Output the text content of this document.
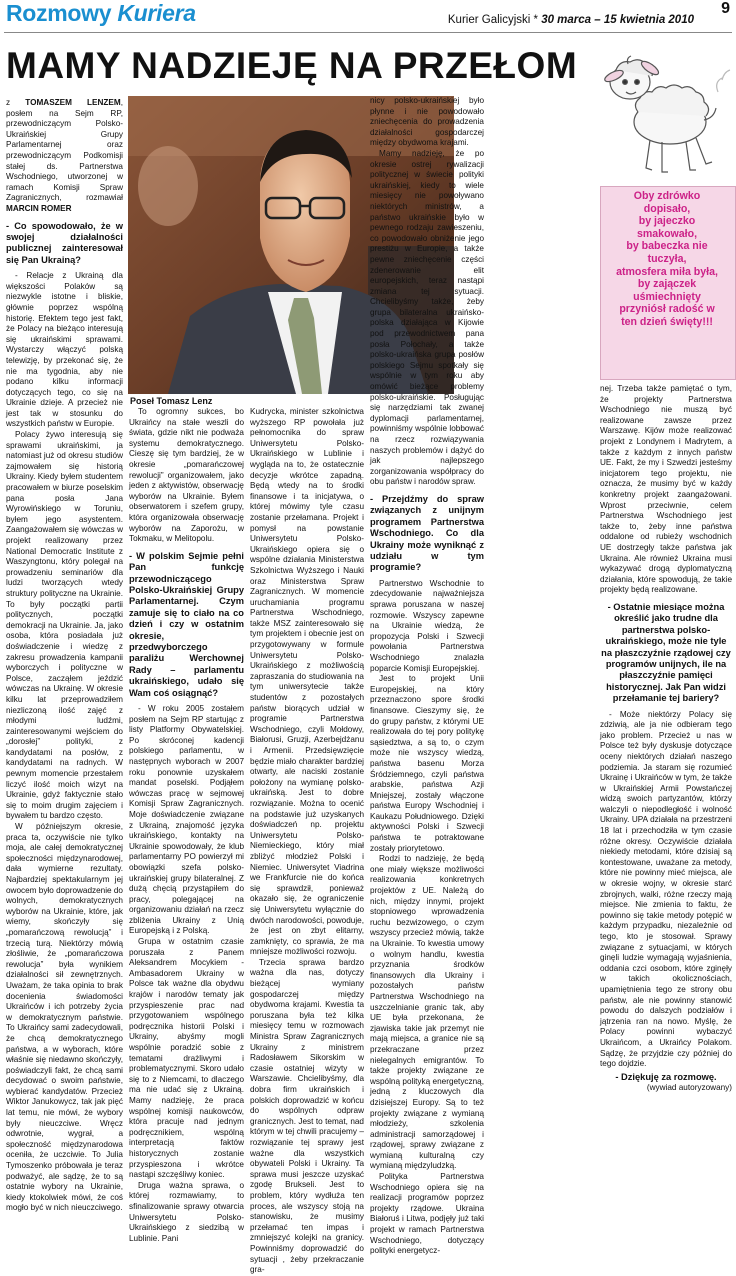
Rozmowy Kuriera	Kurier Galicyjski * 30 marca – 15 kwietnia 2010
9
MAMY NADZIEJĘ NA PRZEŁOM
Oby zdrówko
dopisało,
by jajeczko
smakowało,
by babeczka nie
tuczyła,
atmosfera miła była,
by zajączek
uśmiechnięty
przyniósł radość w
ten dzień święty!!!
Poseł Tomasz Lenz

z TOMASZEM LENZEM, posłem na Sejm RP, przewodniczącym Polsko-Ukraińskiej Grupy Parlamentarnej oraz przewodniczącym Podkomisji stałej ds. Partnerstwa Wschodniego, utworzonej w ramach Komisji Spraw Zagranicznych, rozmawiał MARCIN ROMER

- Co spowodowało, że w swojej działalności publicznej zainteresował się Pan Ukrainą?

- Relacje z Ukrainą dla większości Polaków są niezwykle istotne i bliskie, głównie poprzez wspólną historię. Efektem tego jest fakt, że Polacy na bieżąco interesują się ukraińskimi sprawami. Wystarczy włączyć polską telewizję, by przekonać się, że nie ma tygodnia, aby nie podano kilku informacji dotyczących tego, co się na Ukrainie dzieje. A przecież nie jest tak w stosunku do wszystkich państw w Europie.

Polacy żywo interesują się sprawami ukraińskimi, ja natomiast już od okresu studiów zajmowałem się historią Ukrainy. Kiedy byłem studentem pracowałem w biurze poselskim pana posła Jana Wyrowińskiego w Toruniu, byłem jego asystentem. Zaangażowałem się wówczas w projekt realizowany przez National Democratic Institute z Waszyngtonu, który polegał na prowadzeniu seminariów dla ludzi tworzących wtedy struktury polityczne na Ukrainie. To były początki partii politycznych, początki demokracji na Ukrainie. Ja, jako osoba, która posiadała już doświadczenie i wiedzę z zakresu prowadzenia kampanii wyborczych i polityczne w Polsce, zacząłem jeździć wówczas na Ukrainę. W okresie kilku lat przeprowadziłem niezliczoną ilość zajęć z młodymi ludźmi, zainteresowanymi wejściem do „dorosłej” polityki, z kandydatami na posłów, z kandydatami na radnych. W pewnym momencie przestałem liczyć ilość moich wizyt na Ukrainie, gdyż faktycznie stało się to moim drugim zajęciem i bywałem tu bardzo często.

W późniejszym okresie, praca ta, oczywiście nie tylko moja, ale całej demokratycznej społeczności międzynarodowej, dała wymierne rezultaty. Najbardziej spektakularnym jej owocem było doprowadzenie do wolnych, demokratycznych wyborów na Ukrainie, które, jak wiemy, skończyły się „pomarańczową rewolucją” i trzecią turą. Niektórzy mówią złośliwie, że „pomarańczowa rewolucja” była wynikiem działalności sił zewnętrznych. Uważam, że taka opinia to brak docenienia świadomości Ukraińców i ich potrzeby życia w demokratycznym państwie. To Ukraińcy sami zadecydowali, że chcą demokratycznego państwa, a w wyborach, które właśnie się niedawno skończyły, poświadczyli fakt, że chcą sami decydować o swoim państwie, wybierać kandydatów. Przecież Wiktor Janukowycz, tak jak pięć lat temu, nie mówi, że wybory były nieuczciwe. Wręcz odwrotnie, wygrał, a społeczność międzynarodowa oceniła, że uczciwie. To Julia Tymoszenko próbowała je teraz podważyć, ale sądzę, że to są ostatnie wybory na Ukrainie, kiedy ktokolwiek mówi, że coś mogło być w nich nieuczciwego.

To ogromny sukces, bo Ukraińcy na stałe weszli do świata, gdzie nikt nie podważa systemu demokratycznego. Cieszę się tym bardziej, że w okresie „pomarańczowej rewolucji” organizowałem, jako jeden z aktywistów, obserwację wyborów na Ukrainie. Byłem obserwatorem i szefem grupy, która organizowała obserwację wyborów na Zaporożu, w Tokmaku, w Melitopolu.

- W polskim Sejmie pełni Pan funkcję przewodniczącego Polsko-Ukraińskiej Grupy Parlamentarnej. Czym zamuje się to ciało na co dzień i czy w ostatnim okresie, przedwyborczego paraliżu Werchownej Rady – parlamentu ukraińskiego, udało się Wam coś osiągnąć?

- W roku 2005 zostałem posłem na Sejm RP startując z listy Platformy Obywatelskiej. Po skróconej kadencji polskiego parlamentu, w następnych wyborach w 2007 roku ponownie uzyskałem mandat poselski. Podjąłem wówczas pracę w sejmowej Komisji Spraw Zagranicznych. Moje doświadczenie związane z Ukrainą, znajomość języka ukraińskiego, kontakty na Ukrainie spowodowały, że klub parlamentarny PO powierzył mi obowiązki szefa polsko-ukraińskiej grupy bilateralnej. Z dużą chęcią przystąpiłem do pracy, polegającej na organizowaniu działań na rzecz zbliżenia Ukrainy z Unią Europejską i z Polską.

Grupa w ostatnim czasie poruszała z Panem Aleksandrem Mocykiem - Ambasadorem Ukrainy w Polsce tak ważne dla obydwu krajów i narodów tematy jak przyspieszenie prac nad przygotowaniem wspólnego podręcznika historii Polski i Ukrainy, abyśmy mogli wspólnie poradzić sobie z tematami drażliwymi i problematycznymi. Skoro udało się to z Niemcami, to dlaczego ma nie udać się z Ukrainą. Mamy nadzieję, że praca wspólnej komisji naukowców, która pracuje nad jednym podręcznikiem, wspólną interpretacją faktów historycznych zostanie przyspieszona i wkrótce nastąpi szczęśliwy koniec.

Druga ważna sprawa, o której rozmawiamy, to sfinalizowanie sprawy otwarcia Uniwersytetu Polsko-Ukraińskiego z siedzibą w Lublinie. Pani

Kudrycka, minister szkolnictwa wyższego RP powołała już pełnomocnika do spraw Uniwersytetu Polsko-Ukraińskiego w Lublinie i wygląda na to, że ostatecznie decyzje wkrótce zapadną. Będą wtedy na to środki finansowe i ta inicjatywa, o której mówimy tyle czasu zostanie przełamana. Projekt i pomysł na powstanie Uniwersytetu Polsko-Ukraińskiego opiera się o wspólne działania Ministerstwa Szkolnictwa Wyższego i Nauki oraz Ministerstwa Spraw Zagranicznych. W momencie uruchamiania programu Partnerstwa Wschodniego, także MSZ zainteresowało się tym projektem i obecnie jest on przygotowywany w formule Uniwersytetu Polsko-Ukraińskiego z możliwością zapraszania do studiowania na tym uniwersytecie także studentów z pozostałych państw biorących udział w programie Partnerstwa Wschodniego, czyli Mołdowy, Białorusi, Gruzji, Azerbejdżanu i Armenii. Przedsięwzięcie będzie miało charakter bardziej otwarty, ale naciski zostanie położony na wymianę polsko-ukraińską. Jest to dobre rozwiązanie. Można to ocenić na podstawie już uzyskanych doświadczeń np. projektu Uniwersytetu Polsko-Niemieckiego, który miał zbliżyć młodzież Polski i Niemiec. Uniwersytet Viadrina we Frankfurcie nie do końca się sprawdził, ponieważ okazało się, że ograniczenie się Uniwersytetu wyłącznie do dwóch narodowości, powoduje, że jest on zbyt elitarny, zamknięty, co sprawia, że ma mniejsze możliwości rozwoju.

Trzecia sprawa bardzo ważna dla nas, dotyczy bieżącej wymiany gospodarczej między obydwoma krajami. Kwestia ta poruszana była też kilka miesięcy temu w rozmowach Ministra Spraw Zagranicznych Ukrainy z ministrem Radosławem Sikorskim w czasie ostatniej wizyty w Warszawie. Chcielibyśmy, dla dobra firm ukraińskich i polskich doprowadzić w końcu do wspólnych odpraw granicznych. Jest to temat, nad którym w tej chwili pracujemy – rozwiązanie tej sprawy jest ważne dla wszystkich obywateli Polski i Ukrainy. Ta sprawa musi jeszcze uzyskać zgodę Brukseli. Jest to problem, który wydłuża ten proces, ale wszyscy stoją na stanowisku, że musimy przełamać ten impas i zmniejszyć kolejki na granicy. Powinniśmy doprowadzić do sytuacji , żeby przekraczanie gra-

nicy polsko-ukraińskiej było płynne i nie powodowało zniechęcenia do prowadzenia działalności gospodarczej między obydwoma krajami.

Mamy nadzieję, że po okresie ostrej rywalizacji politycznej w świecie polityki ukraińskiej, kiedy to wiele miesięcy nie powoływano niektórych ministrów, a państwo ukraińskie było w pewnego rodzaju zawieszeniu, co powodowało obniżenie jego prestiżu w Europie, a także pewne zniechęcenie części zdenerowanie elit europejskich, teraz nastąpi zmiana tej sytuacji. Chcielibyśmy także, żeby grupa bilateralna ukraińsko-polska działająca w Kijowie pod przewodnictwem pana posła Połochały, a także polsko-ukraińska grupa posłów polskiego Sejmu spotkały się wspólnie w tym roku aby omówić bieżące problemy polsko-ukraińskie. Posługując się narzędziami tak zwanej dyplomacji parlamentarnej, powinniśmy wspólnie lobbować na rzecz rozwiązywania naszych problemów i dążyć do jak najlepszego zorganizowania współpracy do obu państw i narodów spraw.

- Przejdźmy do spraw związanych z unijnym programem Partnerstwa Wschodniego. Co dla Ukrainy może wyniknąć z udziału w tym programie?

Partnerstwo Wschodnie to zdecydowanie najważniejsza sprawa poruszana w naszej rozmowie. Wszyscy zapewne na Ukrainie wiedzą, że propozycja Polski i Szwecji powołania Partnerstwa Wschodniego znalazła poparcie Komisji Europejskiej.

Jest to projekt Unii Europejskiej, na który przeznaczono spore środki finansowe. Cieszymy się, że do grupy państw, z którymi UE realizowała do tej pory politykę sąsiedztwa, a są to, o czym może nie wszyscy wiedzą, państwa basenu Morza Śródziemnego, czyli państwa arabskie, państwa Azji Mniejszej, zostały włączone państwa Europy Wschodniej i Kaukazu Południowego. Dzięki aktywności Polski i Szwecji państwa te potraktowane zostały priorytetowo.

Rodzi to nadzieję, że będą one miały większe możliwości realizowania konkretnych projektów z UE. Należą do nich, między innymi, projekt stopniowego wprowadzenia ruchu bezwizowego, o czym wszyscy przecież mówią, także na Ukrainie. To kwestia umowy o wolnym handlu, kwestia przyznania środków finansowych dla Ukrainy i pozostałych państw Partnerstwa Wschodniego na uszczelnianie granic tak, aby UE była przekonana, że zjawiska takie jak przemyt nie mają miejsca, a granice nie są przekraczane przez nielegalnych emigrantów. To także projekty związane ze wspólną polityką energetyczną, jedną z kluczowych dla dzisiejszej Europy. Są to też projekty związane z wymianą młodzieży, szkolenia administracji samorządowej i rządowej, sprawy związane z wymianą kulturalną czy wymianą międzyludzką.

Polityka Partnerstwa Wschodniego opiera się na realizacji programów poprzez projekty rządowe. Ukraina Białoruś i Litwa, podjęły już taki projekt w ramach Partnerstwa Wschodniego, dotyczący polityki energetycz-

nej. Trzeba także pamiętać o tym, że projekty Partnerstwa Wschodniego nie muszą być realizowane zawsze przez Warszawę. Kijów może realizować projekt z Londynem i Madrytem, a także z każdym z innych państw UE. Fakt, że my i Szwedzi jesteśmy inicjatorem tego projektu, nie oznacza, że musimy być w każdy konkretny projekt zaangażowani. Wprost przeciwnie, celem Partnerstwa Wschodniego jest także to, żeby inne państwa oddalone od rubieży wschodnich UE dostrzegły także państwa jak Ukraina. Ale również Ukraina musi wykazywać drogą dyplomatyczną działania, które spowodują, że takie projekty będą realizowane.

- Ostatnie miesiące można określić jako trudne dla partnerstwa polsko-ukraińskiego, może nie tyle na płaszczyźnie rządowej czy programów unijnych, ile na płaszczyźnie pamięci historycznej. Jak Pan widzi przełamanie tej bariery?

- Może niektórzy Polacy się zdziwią, ale ja nie odbieram tego jako problem. Przecież u nas w Polsce też były dyskusje dotyczące oceny niektórych działań naszego podziemia. Ja staram się rozumieć Ukrainę i Ukraińców w tym, że także w Ukraińskiej Armii Powstańczej widzą swoich partyzantów, którzy walczyli o niepodległość i wolność Ukrainy. UPA działała na przestrzeni 18 lat i przechodziła w tym czasie różne okresy. Oczywiście działała niekiedy metodami, które dzisiaj są kontestowane, uważane za metody, które nie powinny mieć miejsca, ale w okresie wojny, w okresie starć zbrojnych, walki, różne rzeczy mają miejsce. Nie zmienia to faktu, że powinno się takie metody potępić w każdym przypadku, niezależnie od tego, kto je stosował. Sprawy związane z sytuacjami, w których ginęli ludzie wymagają wyjaśnienia, oddania czci osobom, które zginęły w takich okolicznościach, upamiętnienia tego ze strony obu państw, ale nie powinny stanowić powodu do dalszych podziałów i jątrzenia ran na nowo. Myślę, że Polacy powinni wybaczyć Ukraińcom, a Ukraińcy Polakom. Sądzę, że przyjdzie czy później do tego dojdzie.

- Dziękuję za rozmowę.

(wywiad autoryzowany)
